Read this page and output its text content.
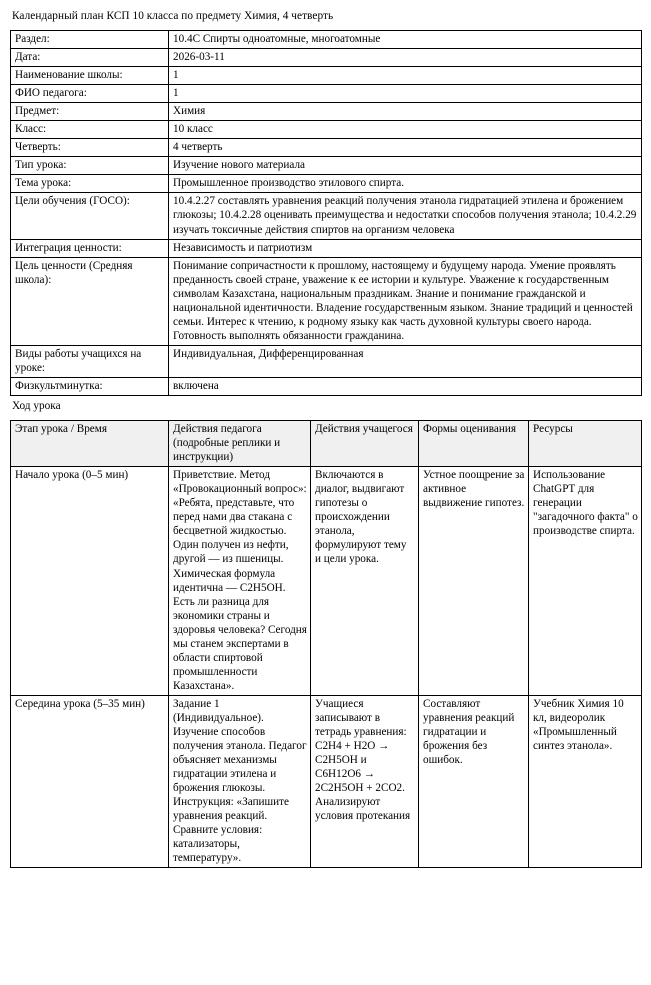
Календарный план КСП 10 класса по предмету Химия, 4 четверть
Раздел:	10.4С Спирты одноатомные, многоатомные
Дата:	2026-03-11
Наименование школы:	1
ФИО педагога:	1
Предмет:	Химия
Класс:	10 класс
Четверть:	4 четверть
Тип урока:	Изучение нового материала
Тема урока:	Промышленное производство этилового спирта.
Цели обучения (ГОСО):	10.4.2.27 составлять уравнения реакций получения этанола гидратацией этилена и брожением глюкозы; 10.4.2.28 оценивать преимущества и недостатки способов получения этанола; 10.4.2.29 изучать токсичные действия спиртов на организм человека
Интеграция ценности:	Независимость и патриотизм
Цель ценности (Средняя школа):	Понимание сопричастности к прошлому, настоящему и будущему народа. Умение проявлять преданность своей стране, уважение к ее истории и культуре. Уважение к государственным символам Казахстана, национальным праздникам. Знание и понимание гражданской и национальной идентичности. Владение государственным языком. Знание традиций и ценностей семьи. Интерес к чтению, к родному языку как часть духовной культуры своего народа. Готовность выполнять обязанности гражданина.
Виды работы учащихся на уроке:	Индивидуальная, Дифференцированная
Физкультминутка:	включена
Ход урока
Этап урока / Время	Действия педагога (подробные реплики и инструкции)	Действия учащегося	Формы оценивания	Ресурсы

Начало урока (0–5 мин)	Приветствие. Метод «Провокационный вопрос»: «Ребята, представьте, что перед нами два стакана с бесцветной жидкостью. Один получен из нефти, другой — из пшеницы. Химическая формула идентична — C2H5OH. Есть ли разница для экономики страны и здоровья человека? Сегодня мы станем экспертами в области спиртовой промышленности Казахстана».	Включаются в диалог, выдвигают гипотезы о происхождении этанола, формулируют тему и цели урока.	Устное поощрение за активное выдвижение гипотез.	Использование ChatGPT для генерации "загадочного факта" о производстве спирта.
Середина урока (5–35 мин)	Задание 1 (Индивидуальное). Изучение способов получения этанола. Педагог объясняет механизмы гидратации этилена и брожения глюкозы. Инструкция: «Запишите уравнения реакций. Сравните условия: катализаторы, температуру».	Учащиеся записывают в тетрадь уравнения: C2H4 + H2O → C2H5OH и C6H12O6 → 2C2H5OH + 2CO2. Анализируют условия протекания	Составляют уравнения реакций гидратации и брожения без ошибок.	Учебник Химия 10 кл, видеоролик «Промышленный синтез этанола».
